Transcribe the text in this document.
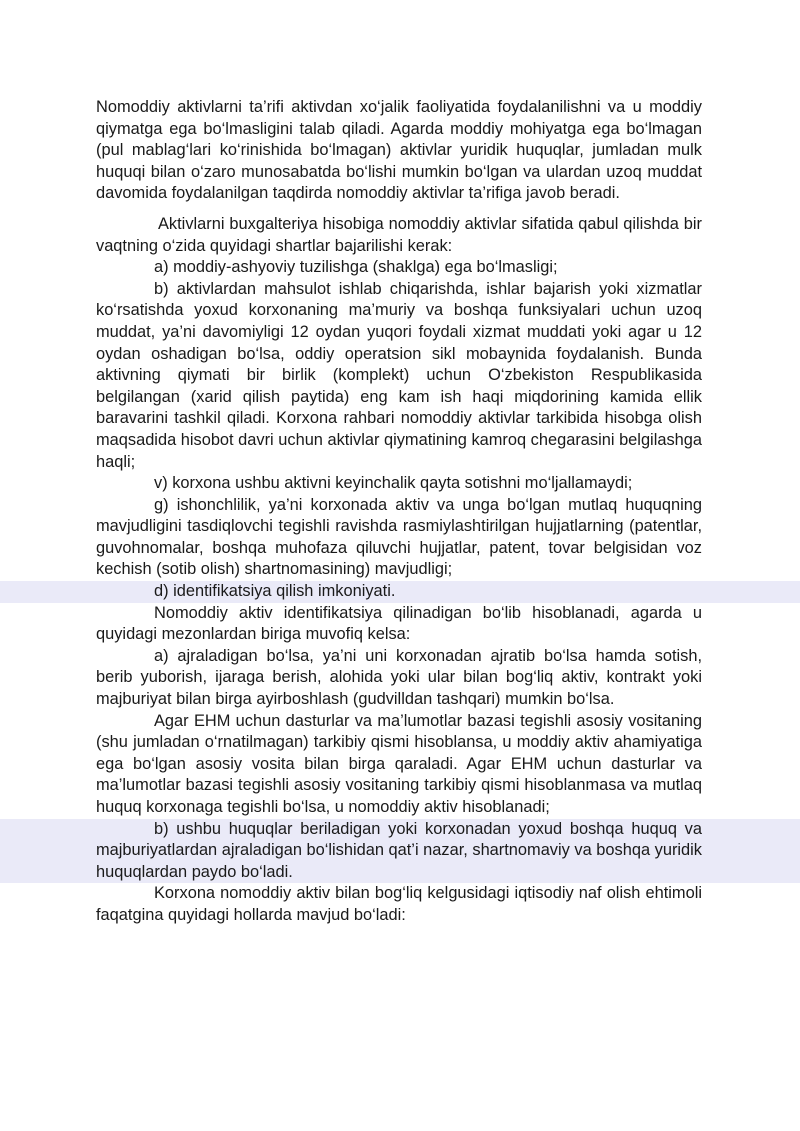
Nomoddiy aktivlarni ta’rifi aktivdan xo‘jalik faoliyatida foydalanilishni va u moddiy qiymatga ega bo‘lmasligini talab qiladi. Agarda moddiy mohiyatga ega bo‘lmagan (pul mablag‘lari ko‘rinishida bo‘lmagan) aktivlar yuridik huquqlar, jumladan mulk huquqi bilan o‘zaro munosabatda bo‘lishi mumkin bo‘lgan va ulardan uzoq muddat davomida foydalanilgan taqdirda nomoddiy aktivlar ta’rifiga javob beradi.

Aktivlarni buxgalteriya hisobiga nomoddiy aktivlar sifatida qabul qilishda bir vaqtning o‘zida quyidagi shartlar bajarilishi kerak:

a) moddiy-ashyoviy tuzilishga (shaklga) ega bo‘lmasligi;

b) aktivlardan mahsulot ishlab chiqarishda, ishlar bajarish yoki xizmatlar ko‘rsatishda yoxud korxonaning ma’muriy va boshqa funksiyalari uchun uzoq muddat, ya’ni davomiyligi 12 oydan yuqori foydali xizmat muddati yoki agar u 12 oydan oshadigan bo‘lsa, oddiy operatsion sikl mobaynida foydalanish. Bunda aktivning qiymati bir birlik (komplekt) uchun O‘zbekiston Respublikasida belgilangan (xarid qilish paytida) eng kam ish haqi miqdorining kamida ellik baravarini tashkil qiladi. Korxona rahbari nomoddiy aktivlar tarkibida hisobga olish maqsadida hisobot davri uchun aktivlar qiymatining kamroq chegarasini belgilashga haqli;

v) korxona ushbu aktivni keyinchalik qayta sotishni mo‘ljallamaydi;

g) ishonchlilik, ya’ni korxonada aktiv va unga bo‘lgan mutlaq huquqning mavjudligini tasdiqlovchi tegishli ravishda rasmiylashtirilgan hujjatlarning (patentlar, guvohnomalar, boshqa muhofaza qiluvchi hujjatlar, patent, tovar belgisidan voz kechish (sotib olish) shartnomasining) mavjudligi;

d) identifikatsiya qilish imkoniyati.

Nomoddiy aktiv identifikatsiya qilinadigan bo‘lib hisoblanadi, agarda u quyidagi mezonlardan biriga muvofiq kelsa:

a) ajraladigan bo‘lsa, ya’ni uni korxonadan ajratib bo‘lsa hamda sotish, berib yuborish, ijaraga berish, alohida yoki ular bilan bog‘liq aktiv, kontrakt yoki majburiyat bilan birga ayirboshlash (gudvilldan tashqari) mumkin bo‘lsa.

Agar EHM uchun dasturlar va ma’lumotlar bazasi tegishli asosiy vositaning (shu jumladan o‘rnatilmagan) tarkibiy qismi hisoblansa, u moddiy aktiv ahamiyatiga ega bo‘lgan asosiy vosita bilan birga qaraladi. Agar EHM uchun dasturlar va ma’lumotlar bazasi tegishli asosiy vositaning tarkibiy qismi hisoblanmasa va mutlaq huquq korxonaga tegishli bo‘lsa, u nomoddiy aktiv hisoblanadi;

b) ushbu huquqlar beriladigan yoki korxonadan yoxud boshqa huquq va majburiyatlardan ajraladigan bo‘lishidan qat’i nazar, shartnomaviy va boshqa yuridik huquqlardan paydo bo‘ladi.

Korxona nomoddiy aktiv bilan bog‘liq kelgusidagi iqtisodiy naf olish ehtimoli faqatgina quyidagi hollarda mavjud bo‘ladi:
